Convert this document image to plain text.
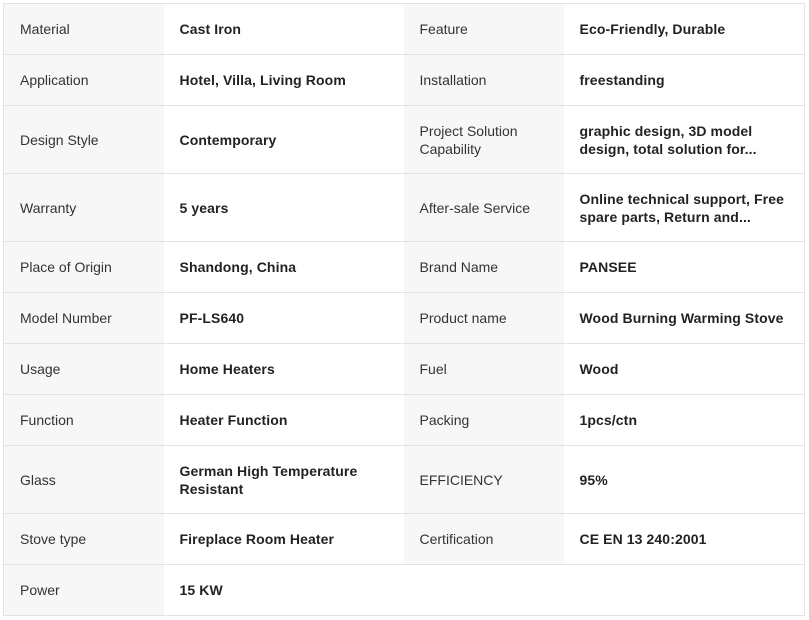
Material	Cast Iron	Feature	Eco-Friendly, Durable
Application	Hotel, Villa, Living Room	Installation	freestanding
Design Style	Contemporary	Project Solution Capability	graphic design, 3D model design, total solution for...

Warranty	5 years	After-sale Service	Online technical support, Free spare parts, Return and...

Place of Origin	Shandong, China	Brand Name	PANSEE
Model Number	PF-LS640	Product name	Wood Burning Warming Stove
Usage	Home Heaters	Fuel	Wood
Function	Heater Function	Packing	1pcs/ctn
Glass	German High Temperature Resistant	EFFICIENCY	95%
Stove type	Fireplace Room Heater	Certification	CE EN 13 240:2001
Power	15 KW		
